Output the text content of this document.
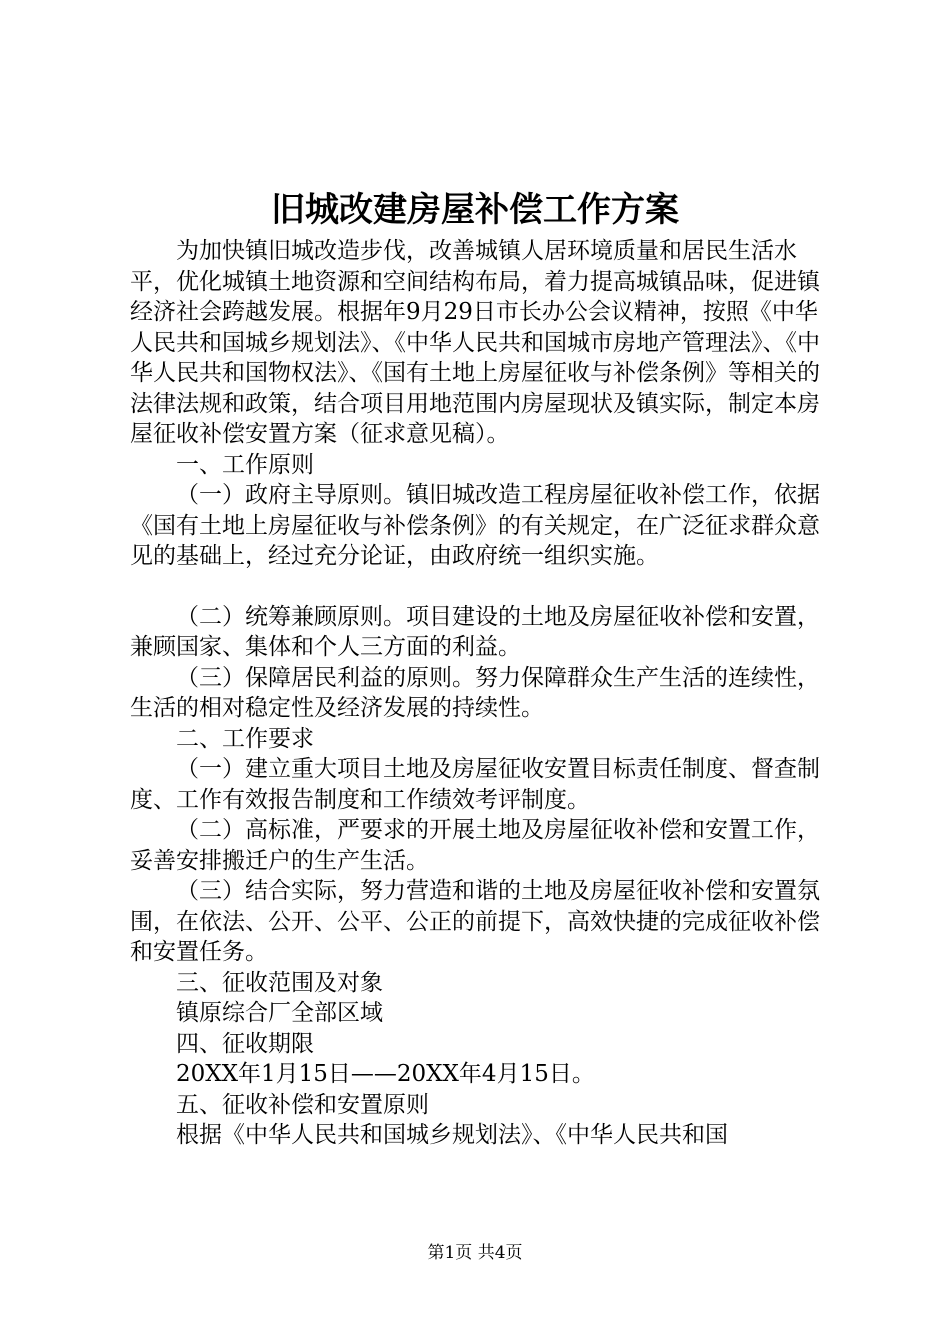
旧城改建房屋补偿工作方案

为加快镇旧城改造步伐，改善城镇人居环境质量和居民生活水平，优化城镇土地资源和空间结构布局，着力提高城镇品味，促进镇经济社会跨越发展。根据年9月29日市长办公会议精神，按照《中华人民共和国城乡规划法》、《中华人民共和国城市房地产管理法》、《中华人民共和国物权法》、《国有土地上房屋征收与补偿条例》等相关的法律法规和政策，结合项目用地范围内房屋现状及镇实际，制定本房屋征收补偿安置方案（征求意见稿）。

一、工作原则

（一）政府主导原则。镇旧城改造工程房屋征收补偿工作，依据《国有土地上房屋征收与补偿条例》的有关规定，在广泛征求群众意见的基础上，经过充分论证，由政府统一组织实施。

（二）统筹兼顾原则。项目建设的土地及房屋征收补偿和安置，兼顾国家、集体和个人三方面的利益。

（三）保障居民利益的原则。努力保障群众生产生活的连续性，生活的相对稳定性及经济发展的持续性。

二、工作要求

（一）建立重大项目土地及房屋征收安置目标责任制度、督查制度、工作有效报告制度和工作绩效考评制度。

（二）高标准，严要求的开展土地及房屋征收补偿和安置工作，妥善安排搬迁户的生产生活。

（三）结合实际，努力营造和谐的土地及房屋征收补偿和安置氛围，在依法、公开、公平、公正的前提下，高效快捷的完成征收补偿和安置任务。

三、征收范围及对象

镇原综合厂全部区域

四、征收期限

20XX年1月15日——20XX年4月15日。

五、征收补偿和安置原则

根据《中华人民共和国城乡规划法》、《中华人民共和国

第1页 共4页
